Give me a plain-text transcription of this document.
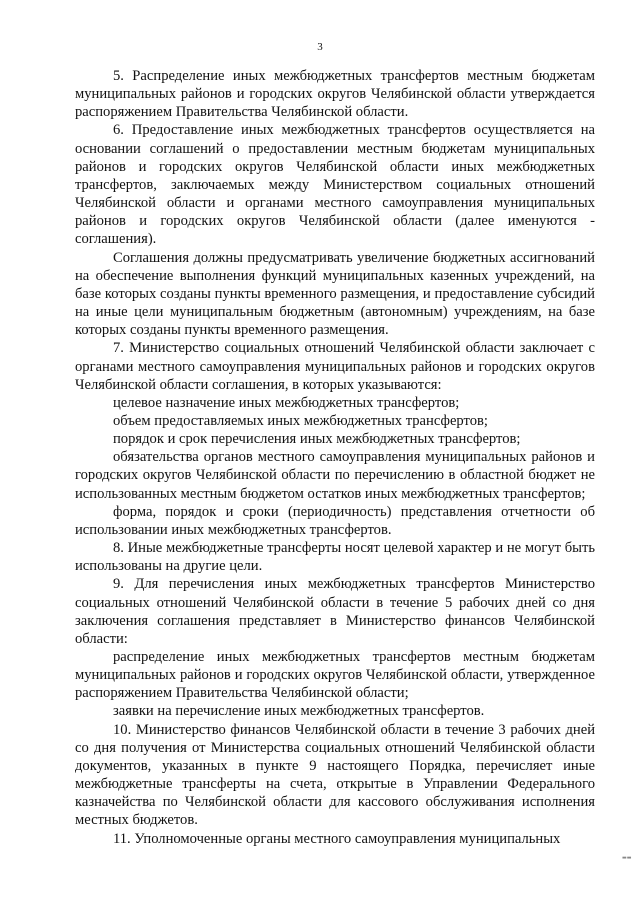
3

5. Распределение иных межбюджетных трансфертов местным бюджетам муниципальных районов и городских округов Челябинской области утверждается распоряжением Правительства Челябинской области.

6. Предоставление иных межбюджетных трансфертов осуществляется на основании соглашений о предоставлении местным бюджетам муниципальных районов и городских округов Челябинской области иных межбюджетных трансфертов, заключаемых между Министерством социальных отношений Челябинской области и органами местного самоуправления муниципальных районов и городских округов Челябинской области (далее именуются - соглашения).

Соглашения должны предусматривать увеличение бюджетных ассигнований на обеспечение выполнения функций муниципальных казенных учреждений, на базе которых созданы пункты временного размещения, и предоставление субсидий на иные цели муниципальным бюджетным (автономным) учреждениям, на базе которых созданы пункты временного размещения.

7. Министерство социальных отношений Челябинской области заключает с органами местного самоуправления муниципальных районов и городских округов Челябинской области соглашения, в которых указываются:

целевое назначение иных межбюджетных трансфертов;

объем предоставляемых иных межбюджетных трансфертов;

порядок и срок перечисления иных межбюджетных трансфертов;

обязательства органов местного самоуправления муниципальных районов и городских округов Челябинской области по перечислению в областной бюджет не использованных местным бюджетом остатков иных межбюджетных трансфертов;

форма, порядок и сроки (периодичность) представления отчетности об использовании иных межбюджетных трансфертов.

8. Иные межбюджетные трансферты носят целевой характер и не могут быть использованы на другие цели.

9. Для перечисления иных межбюджетных трансфертов Министерство социальных отношений Челябинской области в течение 5 рабочих дней со дня заключения соглашения представляет в Министерство финансов Челябинской области:

распределение иных межбюджетных трансфертов местным бюджетам муниципальных районов и городских округов Челябинской области, утвержденное распоряжением Правительства Челябинской области;

заявки на перечисление иных межбюджетных трансфертов.

10. Министерство финансов Челябинской области в течение 3 рабочих дней со дня получения от Министерства социальных отношений Челябинской области документов, указанных в пункте 9 настоящего Порядка, перечисляет иные межбюджетные трансферты на счета, открытые в Управлении Федерального казначейства по Челябинской области для кассового обслуживания исполнения местных бюджетов.

11. Уполномоченные органы местного самоуправления муниципальных

▬▬
